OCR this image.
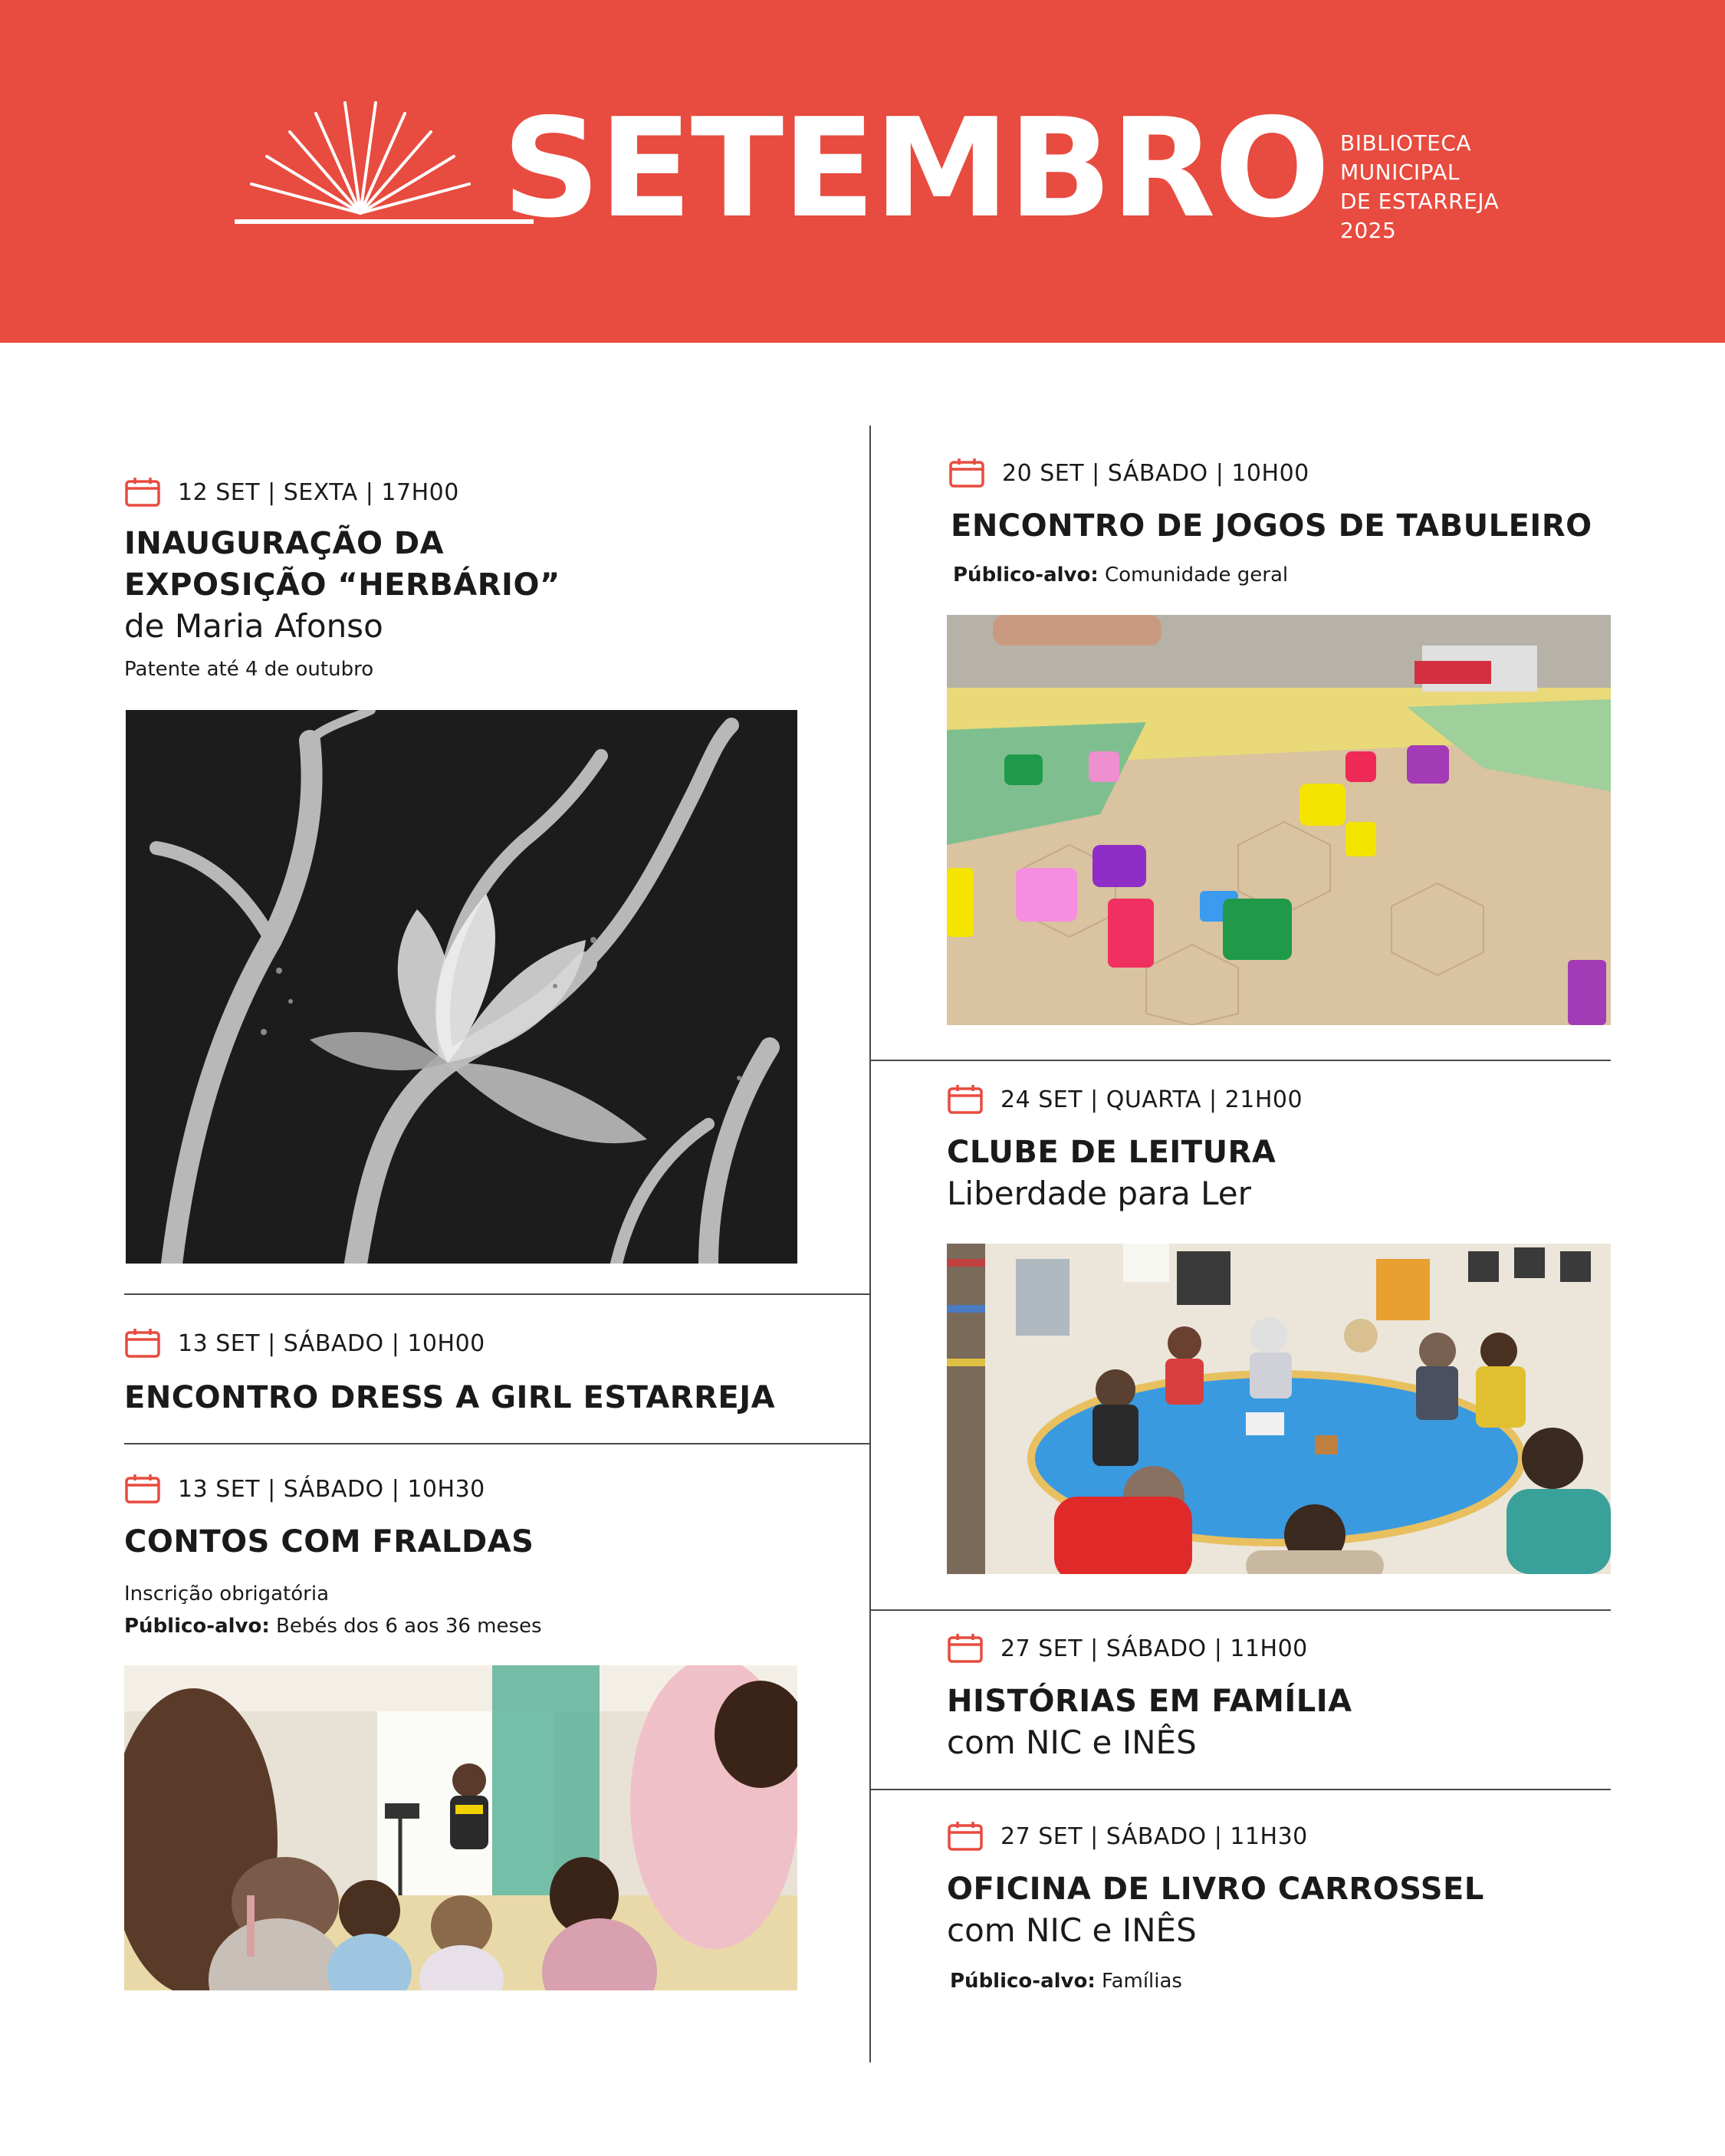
SETEMBRO BIBLIOTECA
MUNICIPAL
DE ESTARREJA
2025
12 SET | SEXTA | 17H00
INAUGURAÇÃO DA
EXPOSIÇÃO “HERBÁRIO”
de Maria Afonso
Patente até 4 de outubro
13 SET | SÁBADO | 10H00
ENCONTRO DRESS A GIRL ESTARREJA
13 SET | SÁBADO | 10H30
CONTOS COM FRALDAS
Inscrição obrigatória
Público-alvo: Bebés dos 6 aos 36 meses
20 SET | SÁBADO | 10H00
ENCONTRO DE JOGOS DE TABULEIRO
Público-alvo: Comunidade geral
24 SET | QUARTA | 21H00
CLUBE DE LEITURA
Liberdade para Ler
27 SET | SÁBADO | 11H00
HISTÓRIAS EM FAMÍLIA
com NIC e INÊS
27 SET | SÁBADO | 11H30
OFICINA DE LIVRO CARROSSEL
com NIC e INÊS
Público-alvo: Famílias
